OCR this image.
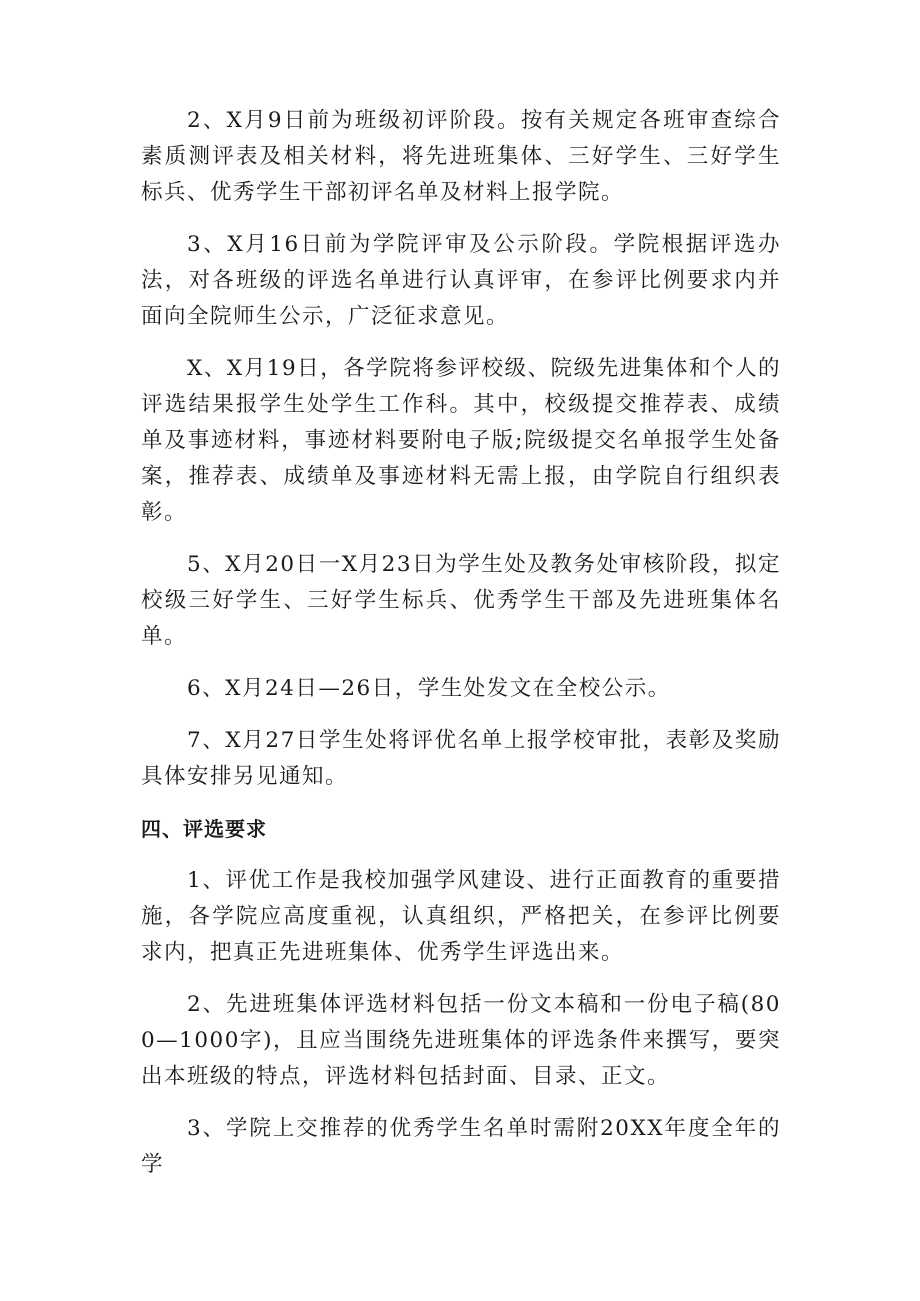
2、X月9日前为班级初评阶段。按有关规定各班审查综合素质测评表及相关材料，将先进班集体、三好学生、三好学生标兵、优秀学生干部初评名单及材料上报学院。

3、X月16日前为学院评审及公示阶段。学院根据评选办法，对各班级的评选名单进行认真评审，在参评比例要求内并面向全院师生公示，广泛征求意见。

X、X月19日，各学院将参评校级、院级先进集体和个人的评选结果报学生处学生工作科。其中，校级提交推荐表、成绩单及事迹材料，事迹材料要附电子版;院级提交名单报学生处备案，推荐表、成绩单及事迹材料无需上报，由学院自行组织表彰。

5、X月20日一X月23日为学生处及教务处审核阶段，拟定校级三好学生、三好学生标兵、优秀学生干部及先进班集体名单。

6、X月24日—26日，学生处发文在全校公示。

7、X月27日学生处将评优名单上报学校审批，表彰及奖励具体安排另见通知。

四、评选要求

1、评优工作是我校加强学风建设、进行正面教育的重要措施，各学院应高度重视，认真组织，严格把关，在参评比例要求内，把真正先进班集体、优秀学生评选出来。

2、先进班集体评选材料包括一份文本稿和一份电子稿(800—1000字)，且应当围绕先进班集体的评选条件来撰写，要突出本班级的特点，评选材料包括封面、目录、正文。

3、学院上交推荐的优秀学生名单时需附20XX年度全年的学
